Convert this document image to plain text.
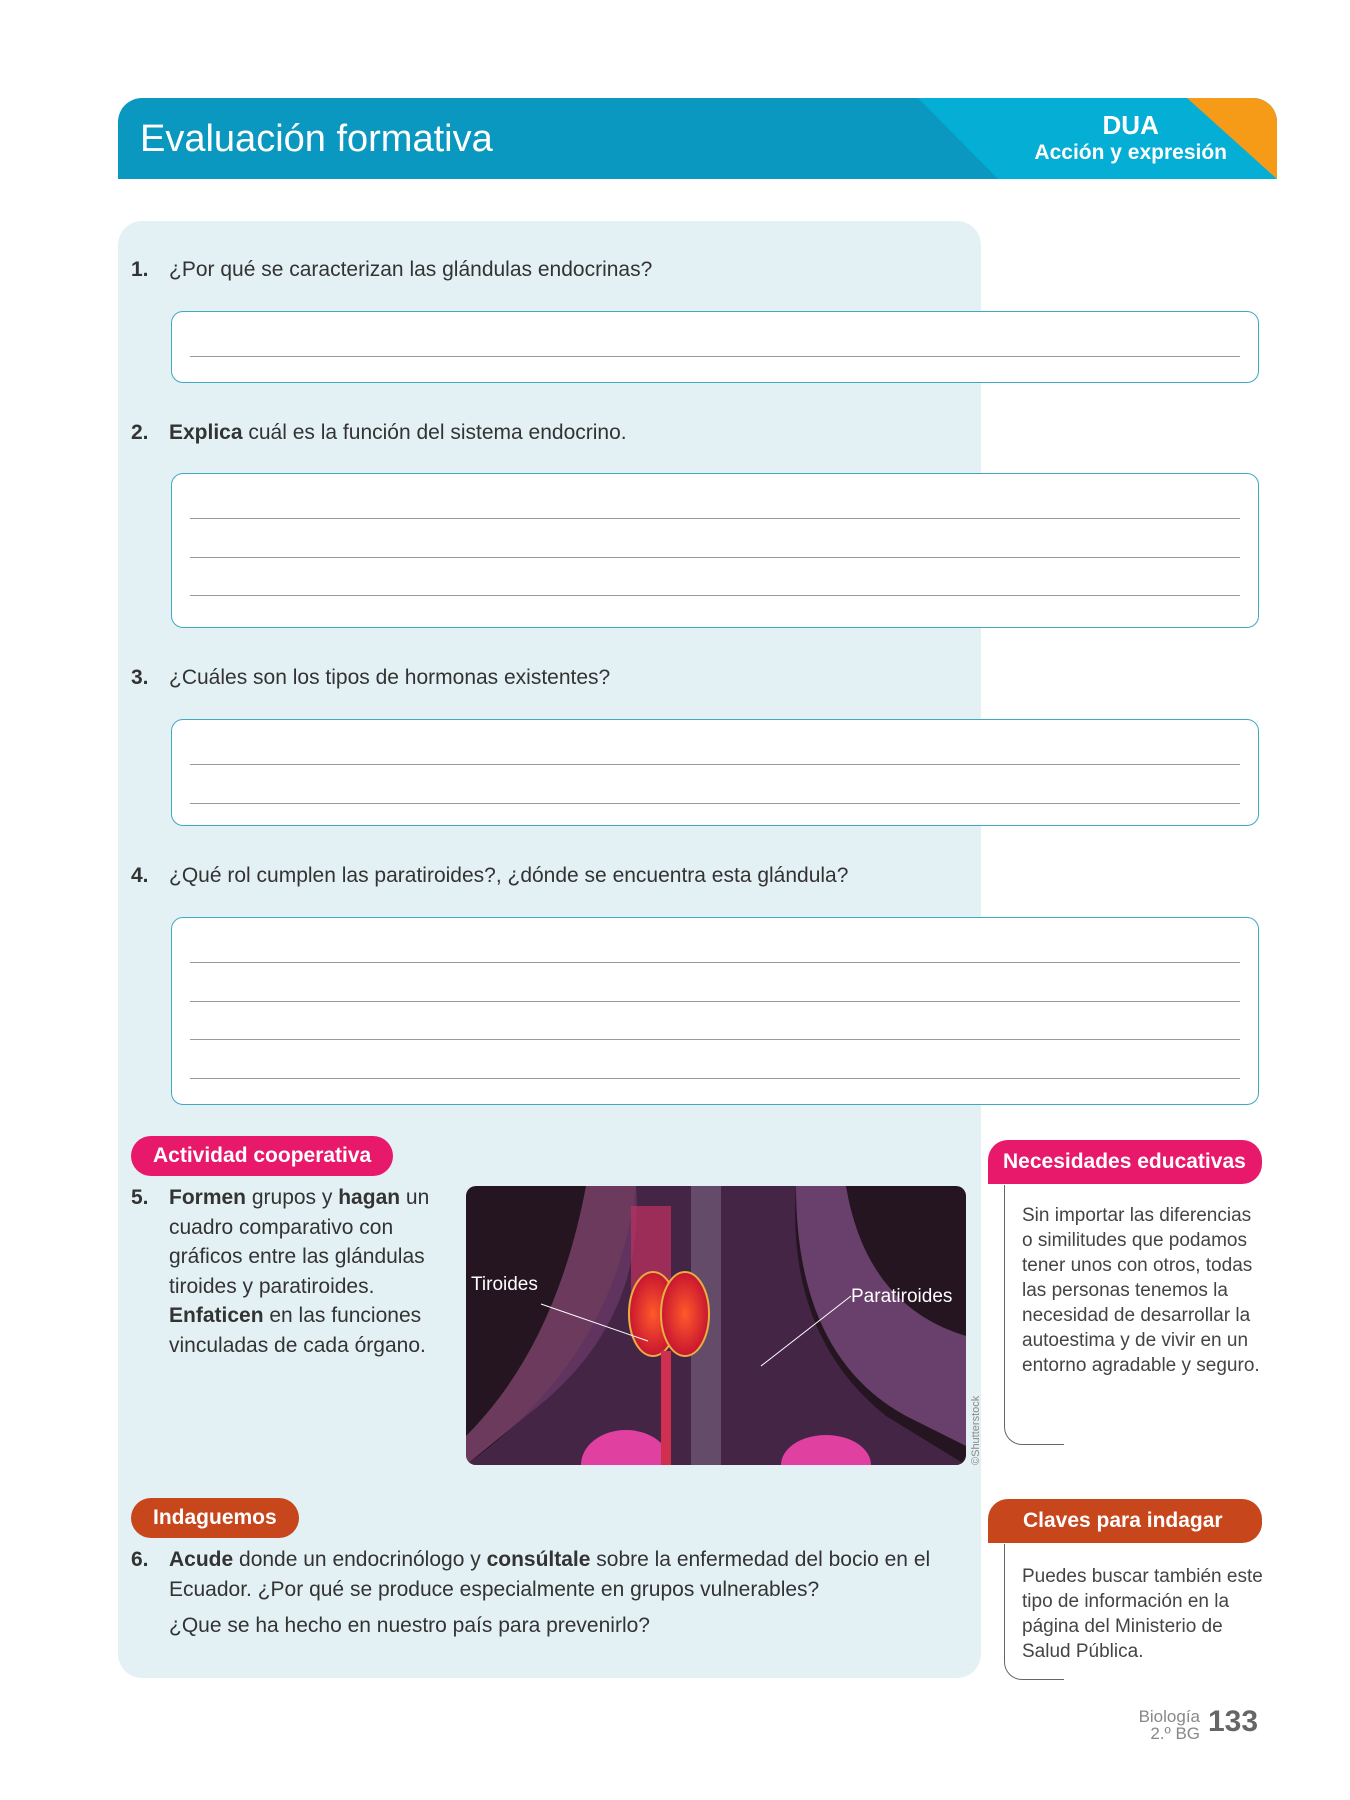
Evaluación formativa	DUA
Acción y expresión
1. ¿Por qué se caracterizan las glándulas endocrinas?
2. Explica cuál es la función del sistema endocrino.
3. ¿Cuáles son los tipos de hormonas existentes?
4. ¿Qué rol cumplen las paratiroides?, ¿dónde se encuentra esta glándula?
Actividad cooperativa
5. Formen grupos y hagan un cuadro comparativo con gráficos entre las glándulas tiroides y paratiroides. Enfaticen en las funciones vinculadas de cada órgano.
Tiroides
Paratiroides
©Shutterstock
Indaguemos
6. Acude donde un endocrinólogo y consúltale sobre la enfermedad del bocio en el Ecuador. ¿Por qué se produce especialmente en grupos vulnerables?
¿Que se ha hecho en nuestro país para prevenirlo?
Necesidades educativas
Sin importar las diferencias o similitudes que podamos tener unos con otros, todas las personas tenemos la necesidad de desarrollar la autoestima y de vivir en un entorno agradable y seguro.
Claves para indagar
Puedes buscar también este tipo de información en la página del Ministerio de Salud Pública.
Biología
2.º BG 133
